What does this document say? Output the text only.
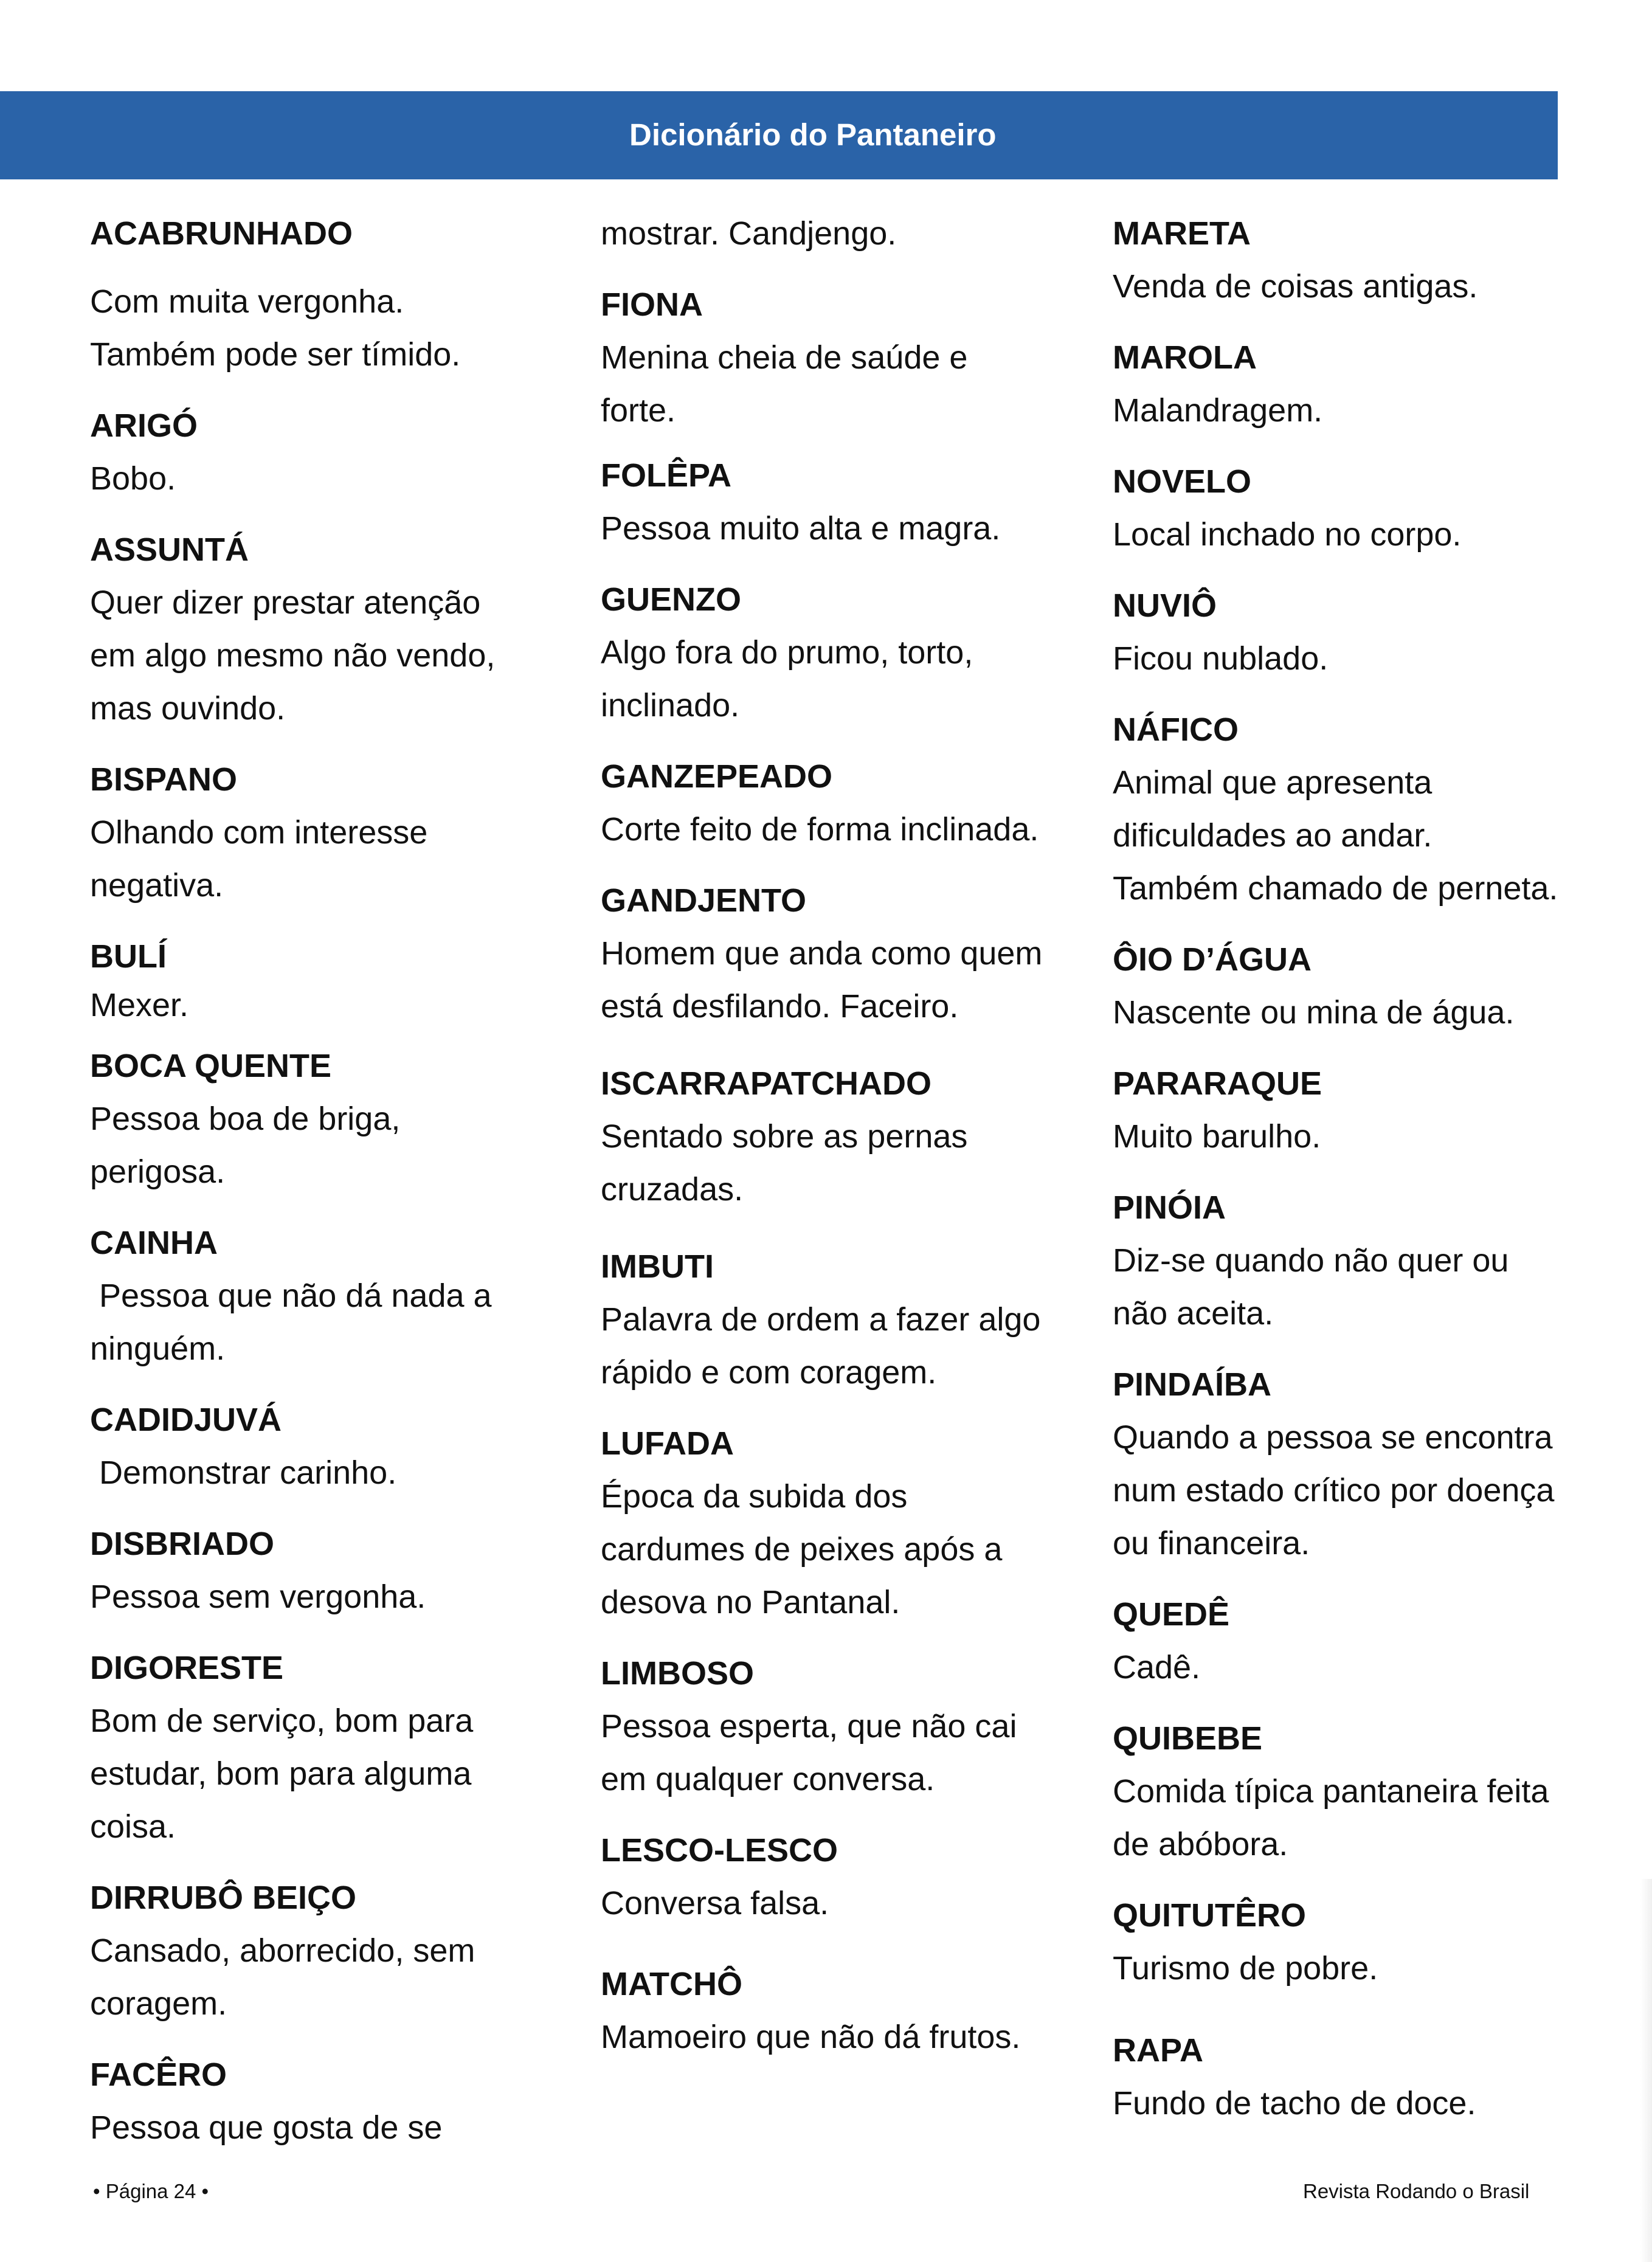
Dicionário do Pantaneiro
ACABRUNHADO
Com muita vergonha.
Também pode ser tímido.
ARIGÓ
Bobo.
ASSUNTÁ
Quer dizer prestar atenção
em algo mesmo não vendo,
mas ouvindo.
BISPANO
Olhando com interesse
negativa.
BULÍ
Mexer.
BOCA QUENTE
Pessoa boa de briga,
perigosa.
CAINHA
Pessoa que não dá nada a
ninguém.
CADIDJUVÁ
Demonstrar carinho.
DISBRIADO
Pessoa sem vergonha.
DIGORESTE
Bom de serviço, bom para
estudar, bom para alguma
coisa.
DIRRUBÔ BEIÇO
Cansado, aborrecido, sem
coragem.
FACÊRO
Pessoa que gosta de se
mostrar. Candjengo.
FIONA
Menina cheia de saúde e
forte.
FOLÊPA
Pessoa muito alta e magra.
GUENZO
Algo fora do prumo, torto,
inclinado.
GANZEPEADO
Corte feito de forma inclinada.
GANDJENTO
Homem que anda como quem
está desfilando. Faceiro.
ISCARRAPATCHADO
Sentado sobre as pernas
cruzadas.
IMBUTI
Palavra de ordem a fazer algo
rápido e com coragem.
LUFADA
Época da subida dos
cardumes de peixes após a
desova no Pantanal.
LIMBOSO
Pessoa esperta, que não cai
em qualquer conversa.
LESCO-LESCO
Conversa falsa.
MATCHÔ
Mamoeiro que não dá frutos.
MARETA
Venda de coisas antigas.
MAROLA
Malandragem.
NOVELO
Local inchado no corpo.
NUVIÔ
Ficou nublado.
NÁFICO
Animal que apresenta
dificuldades ao andar.
Também chamado de perneta.
ÔIO D’ÁGUA
Nascente ou mina de água.
PARARAQUE
Muito barulho.
PINÓIA
Diz-se quando não quer ou
não aceita.
PINDAÍBA
Quando a pessoa se encontra
num estado crítico por doença
ou financeira.
QUEDÊ
Cadê.
QUIBEBE
Comida típica pantaneira feita
de abóbora.
QUITUTÊRO
Turismo de pobre.
RAPA
Fundo de tacho de doce.
• Página 24 •	Revista Rodando o Brasil
